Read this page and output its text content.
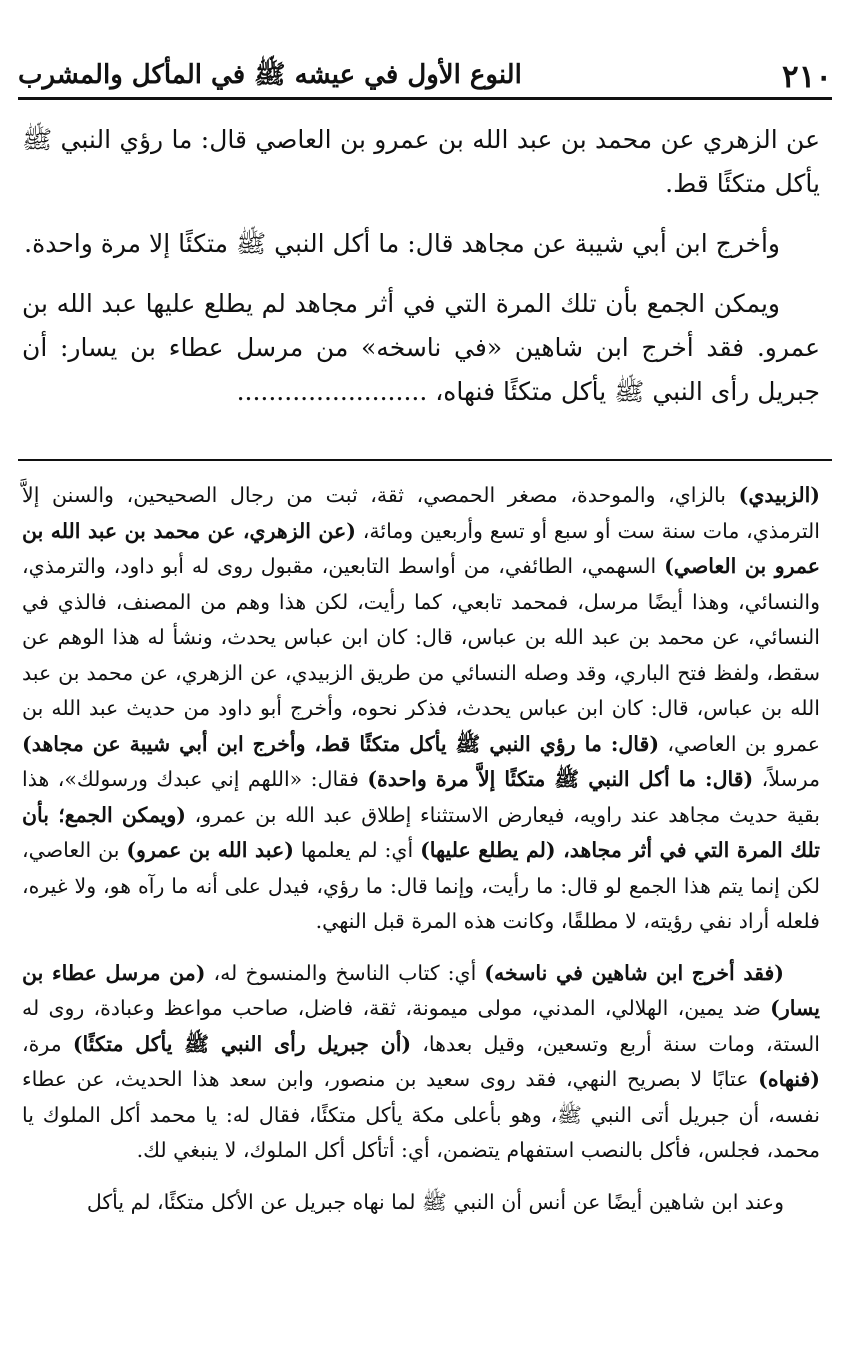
٢١٠
النوع الأول في عيشه ﷺ في المأكل والمشرب

عن الزهري عن محمد بن عبد الله بن عمرو بن العاصي قال: ما رؤي النبي ﷺ يأكل متكئًا قط.

وأخرج ابن أبي شيبة عن مجاهد قال: ما أكل النبي ﷺ متكئًا إلا مرة واحدة.

ويمكن الجمع بأن تلك المرة التي في أثر مجاهد لم يطلع عليها عبد الله بن عمرو. فقد أخرج ابن شاهين «في ناسخه» من مرسل عطاء بن يسار: أن جبريل رأى النبي ﷺ يأكل متكئًا فنهاه، ........................

(الزبيدي) بالزاي، والموحدة، مصغر الحمصي، ثقة، ثبت من رجال الصحيحين، والسنن إلاَّ الترمذي، مات سنة ست أو سبع أو تسع وأربعين ومائة، (عن الزهري، عن محمد بن عبد الله بن عمرو بن العاصي) السهمي، الطائفي، من أواسط التابعين، مقبول روى له أبو داود، والترمذي، والنسائي، وهذا أيضًا مرسل، فمحمد تابعي، كما رأيت، لكن هذا وهم من المصنف، فالذي في النسائي، عن محمد بن عبد الله بن عباس، قال: كان ابن عباس يحدث، ونشأ له هذا الوهم عن سقط، ولفظ فتح الباري، وقد وصله النسائي من طريق الزبيدي، عن الزهري، عن محمد بن عبد الله بن عباس، قال: كان ابن عباس يحدث، فذكر نحوه، وأخرج أبو داود من حديث عبد الله بن عمرو بن العاصي، (قال: ما رؤي النبي ﷺ يأكل متكئًا قط، وأخرج ابن أبي شيبة عن مجاهد) مرسلاً، (قال: ما أكل النبي ﷺ متكئًا إلاَّ مرة واحدة) فقال: «اللهم إني عبدك ورسولك»، هذا بقية حديث مجاهد عند راويه، فيعارض الاستثناء إطلاق عبد الله بن عمرو، (ويمكن الجمع؛ بأن تلك المرة التي في أثر مجاهد، (لم يطلع عليها) أي: لم يعلمها (عبد الله بن عمرو) بن العاصي، لكن إنما يتم هذا الجمع لو قال: ما رأيت، وإنما قال: ما رؤي، فيدل على أنه ما رآه هو، ولا غيره، فلعله أراد نفي رؤيته، لا مطلقًا، وكانت هذه المرة قبل النهي.

(فقد أخرج ابن شاهين في ناسخه) أي: كتاب الناسخ والمنسوخ له، (من مرسل عطاء بن يسار) ضد يمين، الهلالي، المدني، مولى ميمونة، ثقة، فاضل، صاحب مواعظ وعبادة، روى له الستة، ومات سنة أربع وتسعين، وقيل بعدها، (أن جبريل رأى النبي ﷺ يأكل متكئًا) مرة، (فنهاه) عتابًا لا بصريح النهي، فقد روى سعيد بن منصور، وابن سعد هذا الحديث، عن عطاء نفسه، أن جبريل أتى النبي ﷺ، وهو بأعلى مكة يأكل متكئًا، فقال له: يا محمد أكل الملوك يا محمد، فجلس، فأكل بالنصب استفهام يتضمن، أي: أتأكل أكل الملوك، لا ينبغي لك.

وعند ابن شاهين أيضًا عن أنس أن النبي ﷺ لما نهاه جبريل عن الأكل متكئًا، لم يأكل
